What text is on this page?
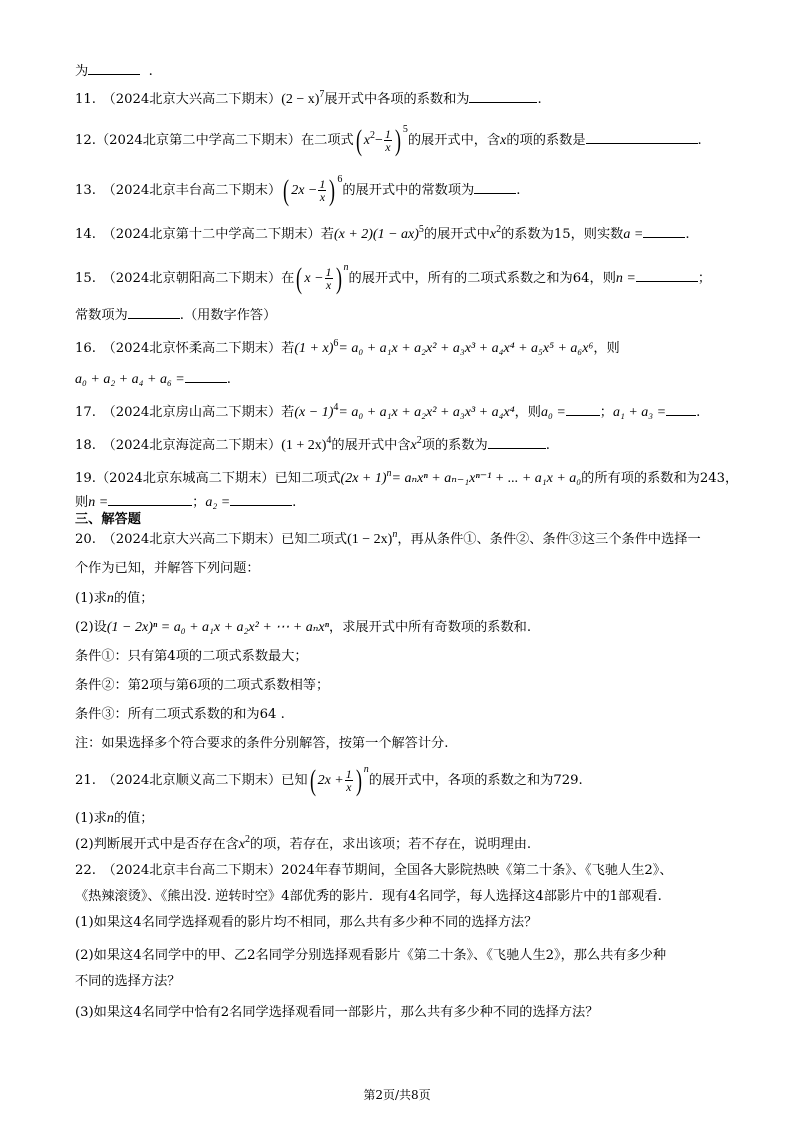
为	.
11.　（2024北京大兴高二下期末）$(2 - x)^7$展开式中各项的系数和为	.
12.（2024北京第二中学高二下期末）在二项式( $x^2- \frac{1}{x}$ ) $^5$的展开式中，含x的项的系数是	.
13.　（2024北京丰台高二下期末）( $2x - \frac{1}{x}$ ) $^6$的展开式中的常数项为	.
14.　（2024北京第十二中学高二下期末）若(x + 2)(1 − ax)$^5$的展开式中$x^2$的系数为15，则实数a =	.
15.　（2024北京朝阳高二下期末）在( $x - \frac{1}{x}$ ) $^n$的展开式中，所有的二项式系数之和为64，则n =	；
常数项为	.（用数字作答）
16.　（2024北京怀柔高二下期末）若$(1 + x)^6= a_0 + a_1x + a_2x^2 + a_3x^3 + a_4x^4 + a_5x^5 + a_6x^6$，则
a₀ + a₂ + a₄ + a₆ =	.
17.　（2024北京房山高二下期末）若$(x - 1)^4= a_0 + a_1x + a_2x^2 + a_3x^3 + a_4x^4$，则a₀ =	；a₁ + a₃ = .
18.　（2024北京海淀高二下期末）$(1 + 2x)^4$的展开式中含$x^2$项的系数为	.
19.（2024北京东城高二下期末）已知二项式$(2x + 1)^n= a_nx^n + a_{n-1}x^{n-1}$ + ... + a₁x + a₀的所有项的系数和为243，
则n =	；a₂ =	.
三、解答题
20.　（2024北京大兴高二下期末）已知二项式$(1 - 2x)^n$，再从条件①、条件②、条件③这三个条件中选择一
个作为已知，并解答下列问题：
(1)求n的值；
(2)设(1 − 2x)ⁿ = a₀ + a₁x + a₂x² + ⋯ + aₙxⁿ，求展开式中所有奇数项的系数和.
条件①：只有第4项的二项式系数最大；
条件②：第2项与第6项的二项式系数相等；
条件③：所有二项式系数的和为64 .
注：如果选择多个符合要求的条件分别解答，按第一个解答计分.
21.　（2024北京顺义高二下期末）已知( $2x + \frac{1}{x}$ ) $^n$的展开式中，各项的系数之和为729.
(1)求n的值；
(2)判断展开式中是否存在含$x^2$的项，若存在，求出该项；若不存在，说明理由.
22.　（2024北京丰台高二下期末）2024年春节期间，全国各大影院热映《第二十条》、《飞驰人生2》、
《热辣滚烫》、《熊出没. 逆转时空》4部优秀的影片．现有4名同学，每人选择这4部影片中的1部观看.
(1)如果这4名同学选择观看的影片均不相同，那么共有多少种不同的选择方法？
(2)如果这4名同学中的甲、乙2名同学分别选择观看影片《第二十条》、《飞驰人生2》，那么共有多少种
不同的选择方法？
(3)如果这4名同学中恰有2名同学选择观看同一部影片，那么共有多少种不同的选择方法？
第2页/共8页
